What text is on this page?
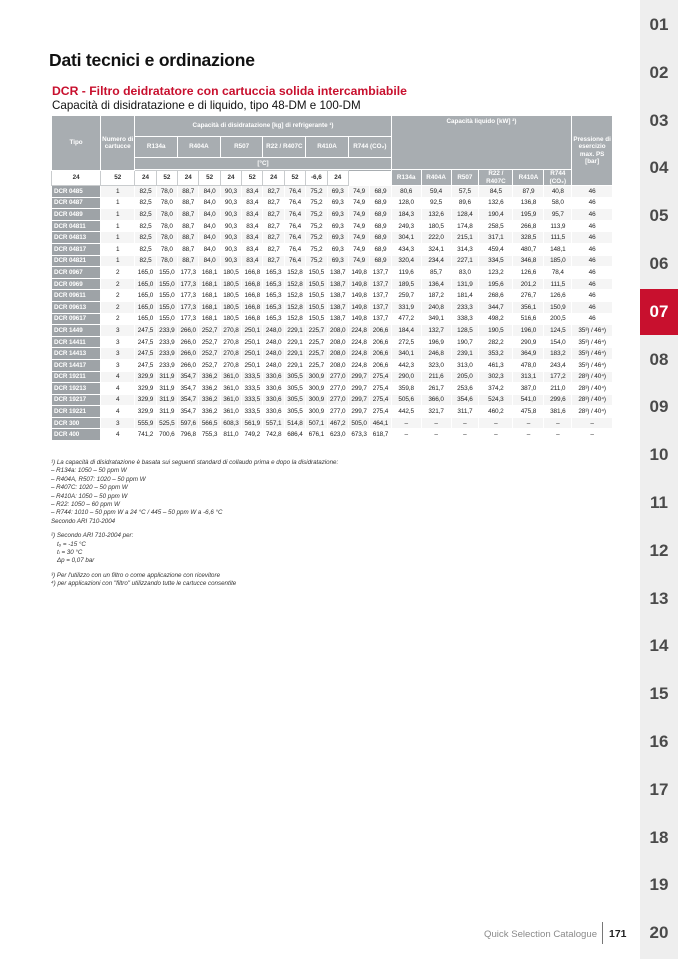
Dati tecnici e ordinazione
DCR - Filtro deidratatore con cartuccia solida intercambiabile
Capacità di disidratazione e di liquido, tipo 48-DM e 100-DM
Tipo	Numero di cartucce	Capacità di disidratazione [kg] di refrigerante ¹)												Capacità liquido [kW] ²)						Pressione di esercizio max. PS [bar]
		R134a		R404A		R507		R22 / R407C		R410A		R744 (CO₂)								
		[°C]																		
														R134a	R404A	R507	R22 / R407C	R410A	R744 (CO₂)	
24	52	24	52	24	52	24	52	24	52	-6,6	24									
DCR 0485	1	82,5	78,0	88,7	84,0	90,3	83,4	82,7	76,4	75,2	69,3	74,9	68,9	80,6	59,4	57,5	84,5	87,9	40,8	46
DCR 0487	1	82,5	78,0	88,7	84,0	90,3	83,4	82,7	76,4	75,2	69,3	74,9	68,9	128,0	92,5	89,6	132,6	136,8	58,0	46
DCR 0489	1	82,5	78,0	88,7	84,0	90,3	83,4	82,7	76,4	75,2	69,3	74,9	68,9	184,3	132,6	128,4	190,4	195,9	95,7	46
DCR 04811	1	82,5	78,0	88,7	84,0	90,3	83,4	82,7	76,4	75,2	69,3	74,9	68,9	249,3	180,5	174,8	258,5	266,8	113,9	46
DCR 04813	1	82,5	78,0	88,7	84,0	90,3	83,4	82,7	76,4	75,2	69,3	74,9	68,9	304,1	222,0	215,1	317,1	328,5	111,5	46
DCR 04817	1	82,5	78,0	88,7	84,0	90,3	83,4	82,7	76,4	75,2	69,3	74,9	68,9	434,3	324,1	314,3	459,4	480,7	148,1	46
DCR 04821	1	82,5	78,0	88,7	84,0	90,3	83,4	82,7	76,4	75,2	69,3	74,9	68,9	320,4	234,4	227,1	334,5	346,8	185,0	46
DCR 0967	2	165,0	155,0	177,3	168,1	180,5	166,8	165,3	152,8	150,5	138,7	149,8	137,7	119,6	85,7	83,0	123,2	126,6	78,4	46
DCR 0969	2	165,0	155,0	177,3	168,1	180,5	166,8	165,3	152,8	150,5	138,7	149,8	137,7	189,5	136,4	131,9	195,6	201,2	111,5	46
DCR 09611	2	165,0	155,0	177,3	168,1	180,5	166,8	165,3	152,8	150,5	138,7	149,8	137,7	259,7	187,2	181,4	268,6	276,7	126,6	46
DCR 09613	2	165,0	155,0	177,3	168,1	180,5	166,8	165,3	152,8	150,5	138,7	149,8	137,7	331,9	240,8	233,3	344,7	356,1	150,9	46
DCR 09617	2	165,0	155,0	177,3	168,1	180,5	166,8	165,3	152,8	150,5	138,7	149,8	137,7	477,2	349,1	338,3	498,2	516,6	200,5	46
DCR 1449	3	247,5	233,9	266,0	252,7	270,8	250,1	248,0	229,1	225,7	208,0	224,8	206,6	184,4	132,7	128,5	190,5	196,0	124,5	35³) / 46⁴)
DCR 14411	3	247,5	233,9	266,0	252,7	270,8	250,1	248,0	229,1	225,7	208,0	224,8	206,6	272,5	196,9	190,7	282,2	290,9	154,0	35³) / 46⁴)
DCR 14413	3	247,5	233,9	266,0	252,7	270,8	250,1	248,0	229,1	225,7	208,0	224,8	206,6	340,1	246,8	239,1	353,2	364,9	183,2	35³) / 46⁴)
DCR 14417	3	247,5	233,9	266,0	252,7	270,8	250,1	248,0	229,1	225,7	208,0	224,8	206,6	442,3	323,0	313,0	461,3	478,0	243,4	35³) / 46⁴)
DCR 19211	4	329,9	311,9	354,7	336,2	361,0	333,5	330,6	305,5	300,9	277,0	299,7	275,4	290,0	211,6	205,0	302,3	313,1	177,2	28³) / 40⁴)
DCR 19213	4	329,9	311,9	354,7	336,2	361,0	333,5	330,6	305,5	300,9	277,0	299,7	275,4	359,8	261,7	253,6	374,2	387,0	211,0	28³) / 40⁴)
DCR 19217	4	329,9	311,9	354,7	336,2	361,0	333,5	330,6	305,5	300,9	277,0	299,7	275,4	505,6	366,0	354,6	524,3	541,0	299,6	28³) / 40⁴)
DCR 19221	4	329,9	311,9	354,7	336,2	361,0	333,5	330,6	305,5	300,9	277,0	299,7	275,4	442,5	321,7	311,7	460,2	475,8	381,6	28³) / 40⁴)
DCR 300	3	555,9	525,5	597,6	566,5	608,3	561,9	557,1	514,8	507,1	467,2	505,0	464,1	–	–	–	–	–	–	–
DCR 400	4	741,2	700,6	796,8	755,3	811,0	749,2	742,8	686,4	676,1	623,0	673,3	618,7	–	–	–	–	–	–	–
¹) La capacità di disidratazione è basata sui seguenti standard di collaudo prima e dopo la disidratazione:
– R134a: 1050 – 50 ppm W
– R404A, R507: 1020 – 50 ppm W
– R407C: 1020 – 50 ppm W
– R410A: 1050 – 50 ppm W
– R22: 1050 – 60 ppm W
– R744: 1010 – 50 ppm W a 24 °C / 445 – 50 ppm W a -6,6 °C
Secondo ARI 710-2004
²) Secondo ARI 710-2004 per:
tₒ = -15 °C
tₗ = 30 °C
Δp = 0,07 bar
³) Per l'utilizzo con un filtro o come applicazione con ricevitore
⁴) per applicazioni con "filtro" utilizzando tutte le cartucce consentite
01
02
03
04
05
06
07
08
09
10
11
12
13
14
15
16
17
18
19
20
Quick Selection Catalogue 171
